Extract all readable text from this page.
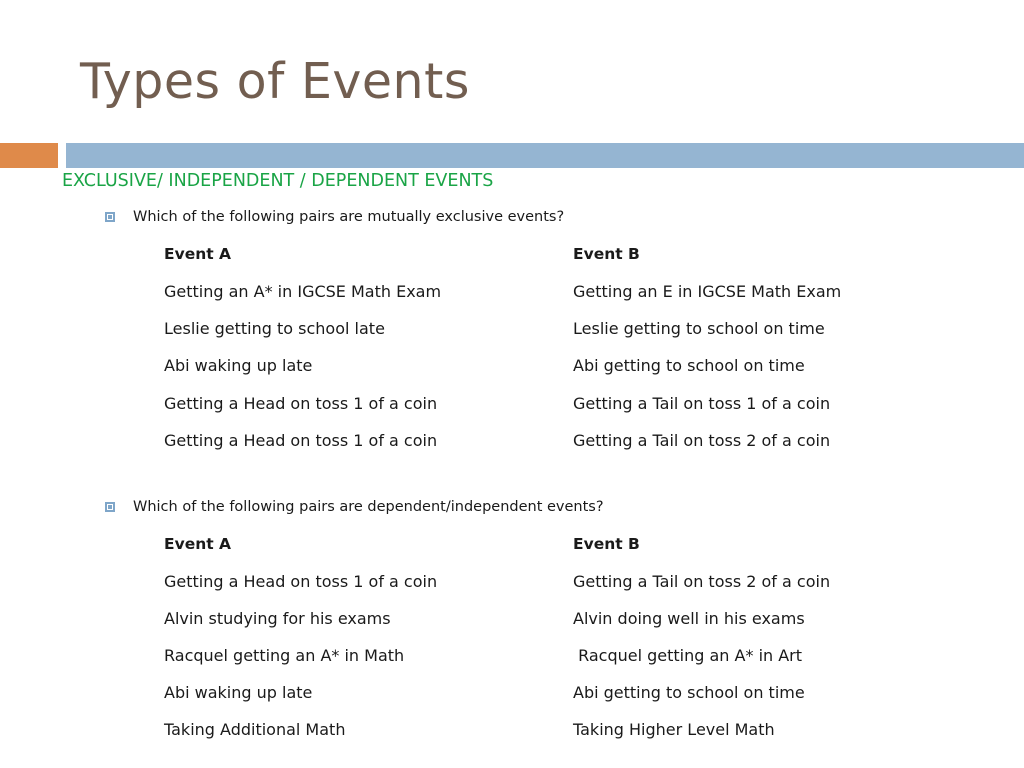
Types of Events
EXCLUSIVE/ INDEPENDENT / DEPENDENT EVENTS
Which of the following pairs are mutually exclusive events?
Event A	Event B
Getting an A* in IGCSE Math Exam	Getting an E in IGCSE Math Exam
Leslie getting to school late	Leslie getting to school on time
Abi waking up late	Abi getting to school on time
Getting a Head on toss 1 of a coin	Getting a Tail on toss 1 of a coin
Getting a Head on toss 1 of a coin	Getting a Tail on toss 2 of a coin
Which of the following pairs are dependent/independent events?
Event A	Event B
Getting a Head on toss 1 of a coin	Getting a Tail on toss 2 of a coin
Alvin studying for his exams	Alvin doing well in his exams
Racquel getting an A* in Math	Racquel getting an A* in Art
Abi waking up late	Abi getting to school on time
Taking Additional Math	Taking Higher Level Math
